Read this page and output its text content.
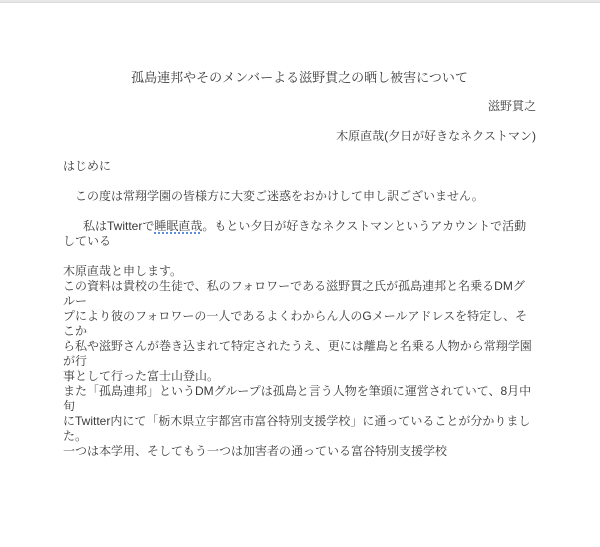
孤島連邦やそのメンバーよる滋野貫之の晒し被害について
滋野貫之
木原直哉(夕日が好きなネクストマン)
はじめに
　この度は常翔学園の皆様方に大変ご迷惑をおかけして申し訳ございません。

私はTwitterで睡眠直哉。もとい夕日が好きなネクストマンというアカウントで活動している

木原直哉と申します。
この資料は貴校の生徒で、私のフォロワーである滋野貫之氏が孤島連邦と名乗るDMグルー
プにより彼のフォロワーの一人であるよくわからん人のGメールアドレスを特定し、そこか
ら私や滋野さんが巻き込まれて特定されたうえ、更には離島と名乗る人物から常翔学園が行
事として行った富士山登山。
また「孤島連邦」というDMグループは孤島と言う人物を筆頭に運営されていて、8月中旬
にTwitter内にて「栃木県立宇都宮市富谷特別支援学校」に通っていることが分かりました。
一つは本学用、そしてもう一つは加害者の通っている富谷特別支援学校
